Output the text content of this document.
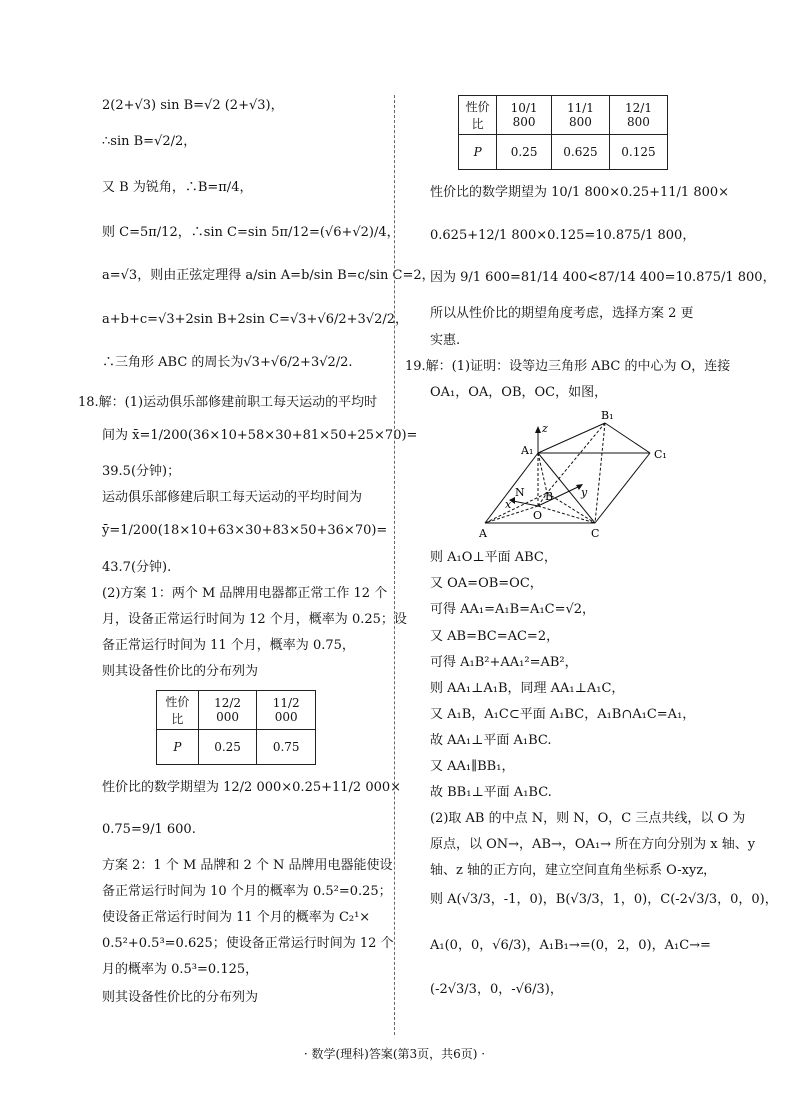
2(2+√3) sin B=√2 (2+√3)，
∴sin B=√2/2，
又 B 为锐角，∴B=π/4，
则 C=5π/12，∴sin C=sin 5π/12=(√6+√2)/4，
a=√3，则由正弦定理得 a/sin A=b/sin B=c/sin C=2，
a+b+c=√3+2sin B+2sin C=√3+√6/2+3√2/2，
∴三角形 ABC 的周长为√3+√6/2+3√2/2.
18.解：(1)运动俱乐部修建前职工每天运动的平均时
间为 x̄=1/200(36×10+58×30+81×50+25×70)=
39.5(分钟)；
运动俱乐部修建后职工每天运动的平均时间为
ȳ=1/200(18×10+63×30+83×50+36×70)=
43.7(分钟).
(2)方案 1：两个 M 品牌用电器都正常工作 12 个
月，设备正常运行时间为 12 个月，概率为 0.25；设
备正常运行时间为 11 个月，概率为 0.75，
则其设备性价比的分布列为
性价比	12/2 000	11/2 000
P	0.25	0.75
性价比的数学期望为 12/2 000×0.25+11/2 000×
0.75=9/1 600.
方案 2：1 个 M 品牌和 2 个 N 品牌用电器能使设
备正常运行时间为 10 个月的概率为 0.5²=0.25；
使设备正常运行时间为 11 个月的概率为 C₂¹×
0.5²+0.5³=0.625；使设备正常运行时间为 12 个
月的概率为 0.5³=0.125，
则其设备性价比的分布列为
性价比	10/1 800	11/1 800	12/1 800
P	0.25	0.625	0.125
性价比的数学期望为 10/1 800×0.25+11/1 800×
0.625+12/1 800×0.125=10.875/1 800，
因为 9/1 600=81/14 400<87/14 400=10.875/1 800，
所以从性价比的期望角度考虑，选择方案 2 更
实惠.
19.解：(1)证明：设等边三角形 ABC 的中心为 O，连接
OA₁，OA，OB，OC，如图，
B₁
A₁	C₁
z
N B
O
y
x
A	C
则 A₁O⊥平面 ABC，
又 OA=OB=OC，
可得 AA₁=A₁B=A₁C=√2，
又 AB=BC=AC=2，
可得 A₁B²+AA₁²=AB²，
则 AA₁⊥A₁B，同理 AA₁⊥A₁C，
又 A₁B，A₁C⊂平面 A₁BC，A₁B∩A₁C=A₁，
故 AA₁⊥平面 A₁BC.
又 AA₁∥BB₁，
故 BB₁⊥平面 A₁BC.
(2)取 AB 的中点 N，则 N，O，C 三点共线，以 O 为
原点，以 ON→，AB→，OA₁→ 所在方向分别为 x 轴、y
轴、z 轴的正方向，建立空间直角坐标系 O-xyz，
则 A(√3/3，-1，0)，B(√3/3，1，0)，C(-2√3/3，0，0)，
A₁(0，0，√6/3)，A₁B₁→=(0，2，0)，A₁C→=
(-2√3/3，0，-√6/3)，
· 数学(理科)答案(第3页，共6页) ·
